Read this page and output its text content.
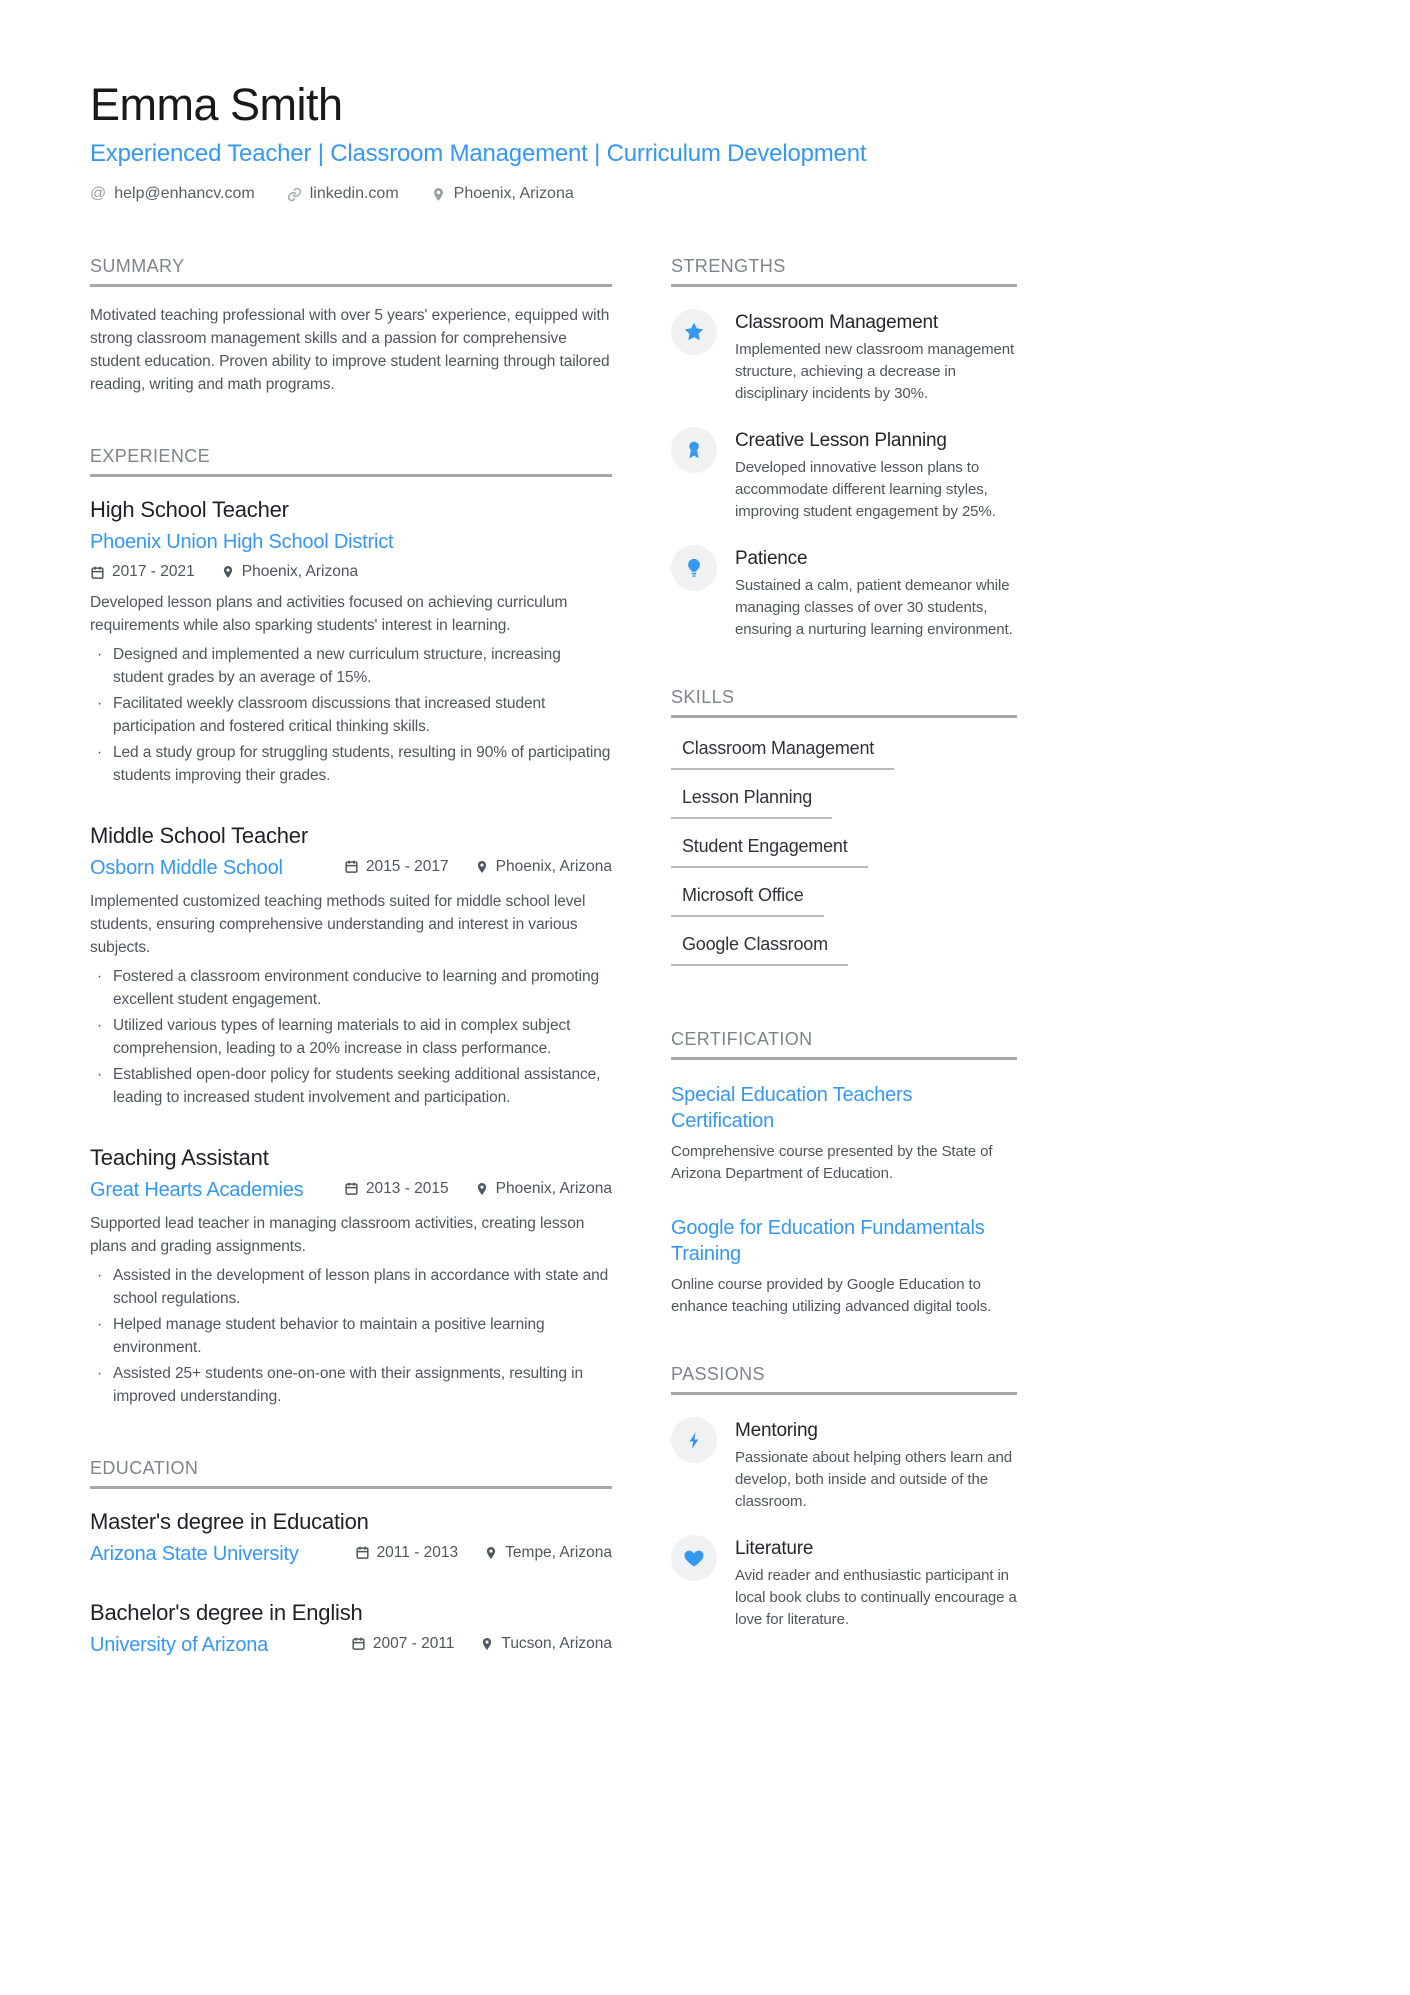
Emma Smith
Experienced Teacher | Classroom Management | Curriculum Development
@ help@enhancv.com	linkedin.com	Phoenix, Arizona
SUMMARY
Motivated teaching professional with over 5 years' experience, equipped with strong classroom management skills and a passion for comprehensive student education. Proven ability to improve student learning through tailored reading, writing and math programs.
EXPERIENCE
High School Teacher
Phoenix Union High School District
2017 - 2021	Phoenix, Arizona
Developed lesson plans and activities focused on achieving curriculum requirements while also sparking students' interest in learning.
· Designed and implemented a new curriculum structure, increasing student grades by an average of 15%.
· Facilitated weekly classroom discussions that increased student participation and fostered critical thinking skills.
· Led a study group for struggling students, resulting in 90% of participating students improving their grades.
Middle School Teacher
Osborn Middle School	2015 - 2017	Phoenix, Arizona
Implemented customized teaching methods suited for middle school level students, ensuring comprehensive understanding and interest in various subjects.
· Fostered a classroom environment conducive to learning and promoting excellent student engagement.
· Utilized various types of learning materials to aid in complex subject comprehension, leading to a 20% increase in class performance.
· Established open-door policy for students seeking additional assistance, leading to increased student involvement and participation.
Teaching Assistant
Great Hearts Academies	2013 - 2015	Phoenix, Arizona
Supported lead teacher in managing classroom activities, creating lesson plans and grading assignments.
· Assisted in the development of lesson plans in accordance with state and school regulations.
· Helped manage student behavior to maintain a positive learning environment.
· Assisted 25+ students one-on-one with their assignments, resulting in improved understanding.
EDUCATION
Master's degree in Education
Arizona State University	2011 - 2013	Tempe, Arizona
Bachelor's degree in English
University of Arizona	2007 - 2011	Tucson, Arizona
STRENGTHS
Classroom Management
Implemented new classroom management structure, achieving a decrease in disciplinary incidents by 30%.
Creative Lesson Planning
Developed innovative lesson plans to accommodate different learning styles, improving student engagement by 25%.
Patience
Sustained a calm, patient demeanor while managing classes of over 30 students, ensuring a nurturing learning environment.
SKILLS
Classroom Management
Lesson Planning
Student Engagement
Microsoft Office
Google Classroom
CERTIFICATION
Special Education Teachers Certification
Comprehensive course presented by the State of Arizona Department of Education.
Google for Education Fundamentals Training
Online course provided by Google Education to enhance teaching utilizing advanced digital tools.
PASSIONS
Mentoring
Passionate about helping others learn and develop, both inside and outside of the classroom.
Literature
Avid reader and enthusiastic participant in local book clubs to continually encourage a love for literature.
